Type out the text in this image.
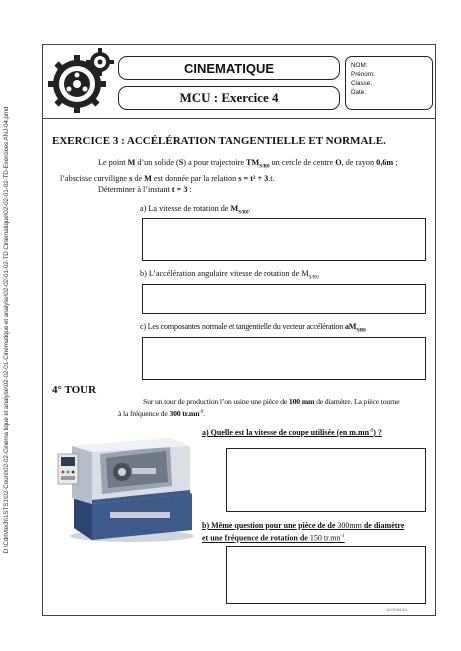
D:\Cdrtvtech\1STS1\02-Cours\02-02-Cinéma tique et analyse\02-02-01-Cinématique et analyse\02-02-01-02-TD Cinématique\02-02-01-02-TD-Exercices ANJ-04.pmd
CINEMATIQUE
MCU : Exercice 4
NOM:
Prénom:
Classe:
Date:
EXERCICE 3 : ACCÉLÉRATION TANGENTIELLE ET NORMALE.
Le point M d’un solide (S) a pour trajectoire $TM_{S/R0}$ un cercle de centre O, de rayon 0,6m ;
l’abscisse curviligne s de M est donnée par la relation s = t² + 3.t.
Déterminer à l’instant t = 3 :
a) La vitesse de rotation de $M_{S/R0}$.
b) L’accélération angulaire vitesse de rotation de $M_{S/R0}$
c) Les composantes normale et tangentielle du vecteur accélération $aM_{S/R0}$
4° TOUR
Sur un tour de production l’on usine une pièce de 100 mm de diamètre. La pièce tourne
à la fréquence de 300 $tr.mn^{-1}$.
a) Quelle est la vitesse de coupe utilisée (en $m.mn^{-1}$) ?
b) Même question pour une pièce de de 300mm de diamètre
et une fréquence de rotation de 150 $tr.mn^{-1}$
11/01/04 A1
